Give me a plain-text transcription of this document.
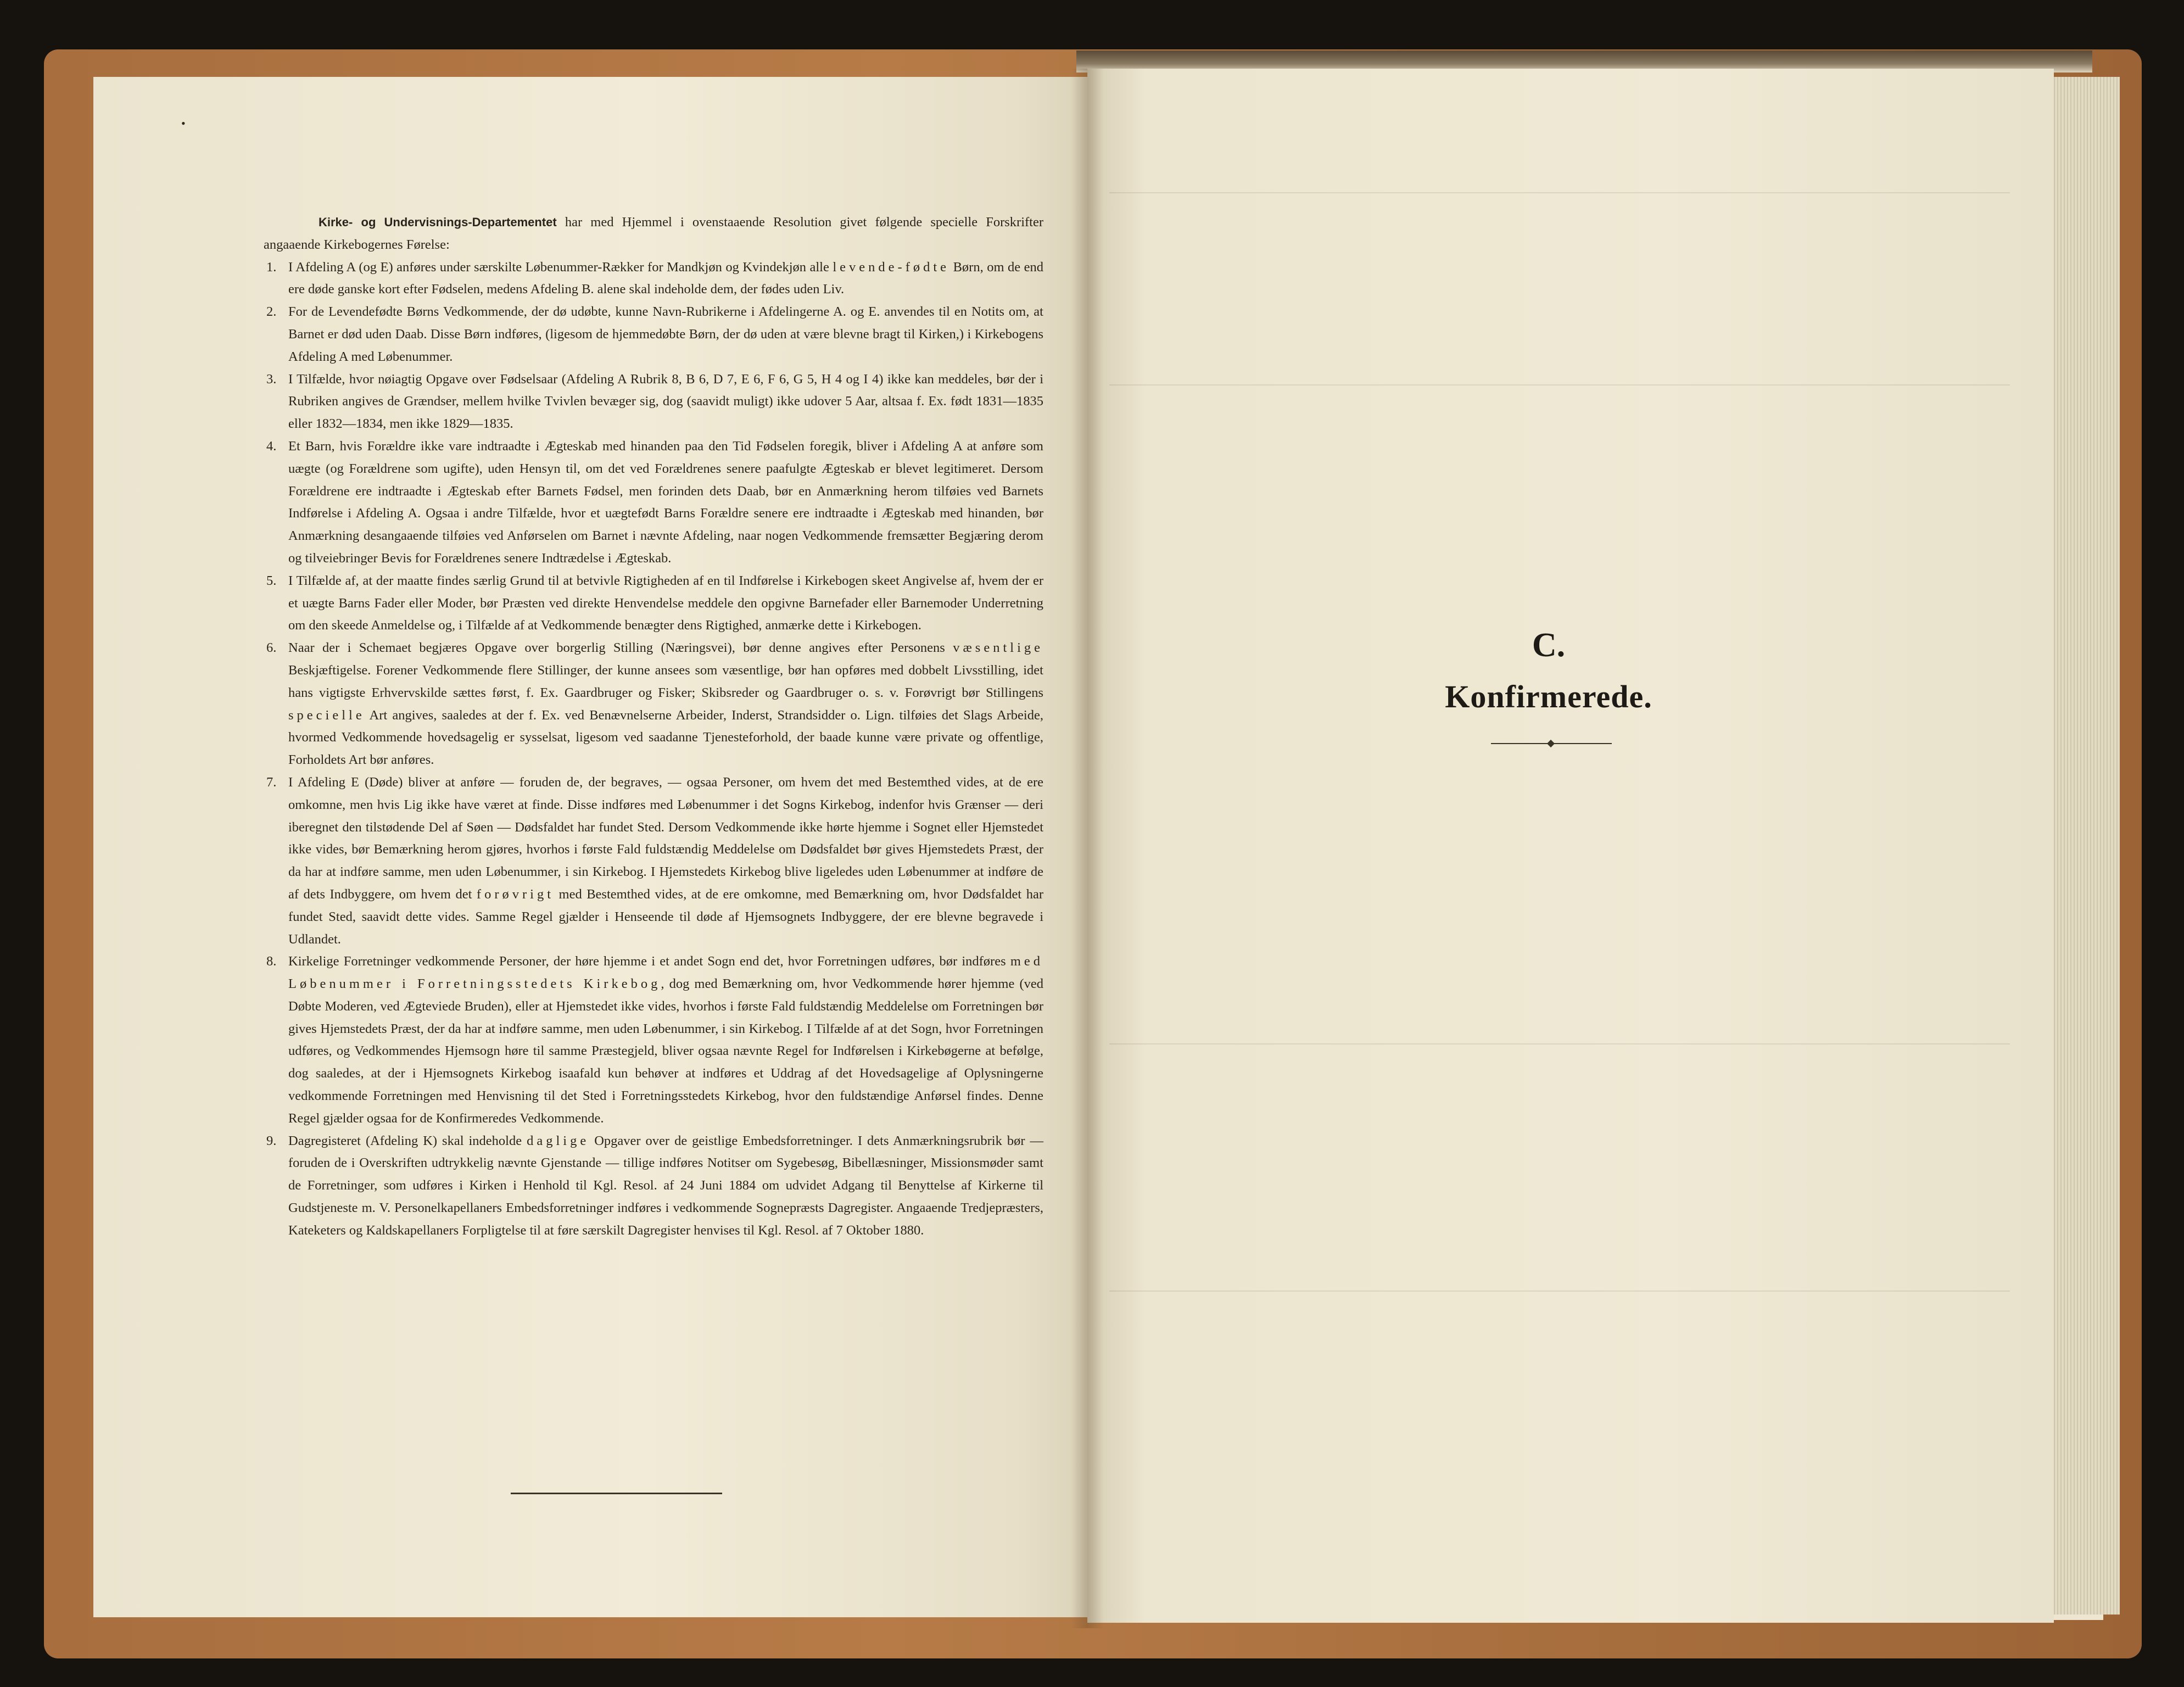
•

Kirke- og Undervisnings-Departementet har med Hjemmel i ovenstaaende Resolution givet følgende specielle Forskrifter angaaende Kirkebogernes Førelse:

1. I Afdeling A (og E) anføres under særskilte Løbenummer-Rækker for Mandkjøn og Kvindekjøn alle levende-fødte Børn, om de end ere døde ganske kort efter Fødselen, medens Afdeling B. alene skal indeholde dem, der fødes uden Liv.

2. For de Levendefødte Børns Vedkommende, der dø udøbte, kunne Navn-Rubrikerne i Afdelingerne A. og E. anvendes til en Notits om, at Barnet er død uden Daab. Disse Børn indføres, (ligesom de hjemmedøbte Børn, der dø uden at være blevne bragt til Kirken,) i Kirkebogens Afdeling A med Løbenummer.

3. I Tilfælde, hvor nøiagtig Opgave over Fødselsaar (Afdeling A Rubrik 8, B 6, D 7, E 6, F 6, G 5, H 4 og I 4) ikke kan meddeles, bør der i Rubriken angives de Grændser, mellem hvilke Tvivlen bevæger sig, dog (saavidt muligt) ikke udover 5 Aar, altsaa f. Ex. født 1831—1835 eller 1832—1834, men ikke 1829—1835.

4. Et Barn, hvis Forældre ikke vare indtraadte i Ægteskab med hinanden paa den Tid Fødselen foregik, bliver i Afdeling A at anføre som uægte (og Forældrene som ugifte), uden Hensyn til, om det ved Forældrenes senere paafulgte Ægteskab er blevet legitimeret. Dersom Forældrene ere indtraadte i Ægteskab efter Barnets Fødsel, men forinden dets Daab, bør en Anmærkning herom tilføies ved Barnets Indførelse i Afdeling A. Ogsaa i andre Tilfælde, hvor et uægtefødt Barns Forældre senere ere indtraadte i Ægteskab med hinanden, bør Anmærkning desangaaende tilføies ved Anførselen om Barnet i nævnte Afdeling, naar nogen Vedkommende fremsætter Begjæring derom og tilveiebringer Bevis for Forældrenes senere Indtrædelse i Ægteskab.

5. I Tilfælde af, at der maatte findes særlig Grund til at betvivle Rigtigheden af en til Indførelse i Kirkebogen skeet Angivelse af, hvem der er et uægte Barns Fader eller Moder, bør Præsten ved direkte Henvendelse meddele den opgivne Barnefader eller Barnemoder Underretning om den skeede Anmeldelse og, i Tilfælde af at Vedkommende benægter dens Rigtighed, anmærke dette i Kirkebogen.

6. Naar der i Schemaet begjæres Opgave over borgerlig Stilling (Næringsvei), bør denne angives efter Personens væsentlige Beskjæftigelse. Forener Vedkommende flere Stillinger, der kunne ansees som væsentlige, bør han opføres med dobbelt Livsstilling, idet hans vigtigste Erhvervskilde sættes først, f. Ex. Gaardbruger og Fisker; Skibsreder og Gaardbruger o. s. v. Forøvrigt bør Stillingens specielle Art angives, saaledes at der f. Ex. ved Benævnelserne Arbeider, Inderst, Strandsidder o. Lign. tilføies det Slags Arbeide, hvormed Vedkommende hovedsagelig er sysselsat, ligesom ved saadanne Tjenesteforhold, der baade kunne være private og offentlige, Forholdets Art bør anføres.

7. I Afdeling E (Døde) bliver at anføre — foruden de, der begraves, — ogsaa Personer, om hvem det med Bestemthed vides, at de ere omkomne, men hvis Lig ikke have været at finde. Disse indføres med Løbenummer i det Sogns Kirkebog, indenfor hvis Grænser — deri iberegnet den tilstødende Del af Søen — Dødsfaldet har fundet Sted. Dersom Vedkommende ikke hørte hjemme i Sognet eller Hjemstedet ikke vides, bør Bemærkning herom gjøres, hvorhos i første Fald fuldstændig Meddelelse om Dødsfaldet bør gives Hjemstedets Præst, der da har at indføre samme, men uden Løbenummer, i sin Kirkebog. I Hjemstedets Kirkebog blive ligeledes uden Løbenummer at indføre de af dets Indbyggere, om hvem det forøvrigt med Bestemthed vides, at de ere omkomne, med Bemærkning om, hvor Dødsfaldet har fundet Sted, saavidt dette vides. Samme Regel gjælder i Henseende til døde af Hjemsognets Indbyggere, der ere blevne begravede i Udlandet.

8. Kirkelige Forretninger vedkommende Personer, der høre hjemme i et andet Sogn end det, hvor Forretningen udføres, bør indføres med Løbenummer i Forretningsstedets Kirkebog, dog med Bemærkning om, hvor Vedkommende hører hjemme (ved Døbte Moderen, ved Ægteviede Bruden), eller at Hjemstedet ikke vides, hvorhos i første Fald fuldstændig Meddelelse om Forretningen bør gives Hjemstedets Præst, der da har at indføre samme, men uden Løbenummer, i sin Kirkebog. I Tilfælde af at det Sogn, hvor Forretningen udføres, og Vedkommendes Hjemsogn høre til samme Præstegjeld, bliver ogsaa nævnte Regel for Indførelsen i Kirkebøgerne at befølge, dog saaledes, at der i Hjemsognets Kirkebog isaafald kun behøver at indføres et Uddrag af det Hovedsagelige af Oplysningerne vedkommende Forretningen med Henvisning til det Sted i Forretningsstedets Kirkebog, hvor den fuldstændige Anførsel findes. Denne Regel gjælder ogsaa for de Konfirmeredes Vedkommende.

9. Dagregisteret (Afdeling K) skal indeholde daglige Opgaver over de geistlige Embedsforretninger. I dets Anmærkningsrubrik bør — foruden de i Overskriften udtrykkelig nævnte Gjenstande — tillige indføres Notitser om Sygebesøg, Bibellæsninger, Missionsmøder samt de Forretninger, som udføres i Kirken i Henhold til Kgl. Resol. af 24 Juni 1884 om udvidet Adgang til Benyttelse af Kirkerne til Gudstjeneste m. V. Personelkapellaners Embedsforretninger indføres i vedkommende Sognepræsts Dagregister. Angaaende Tredjepræsters, Kateketers og Kaldskapellaners Forpligtelse til at føre særskilt Dagregister henvises til Kgl. Resol. af 7 Oktober 1880.

C.
Konfirmerede.
